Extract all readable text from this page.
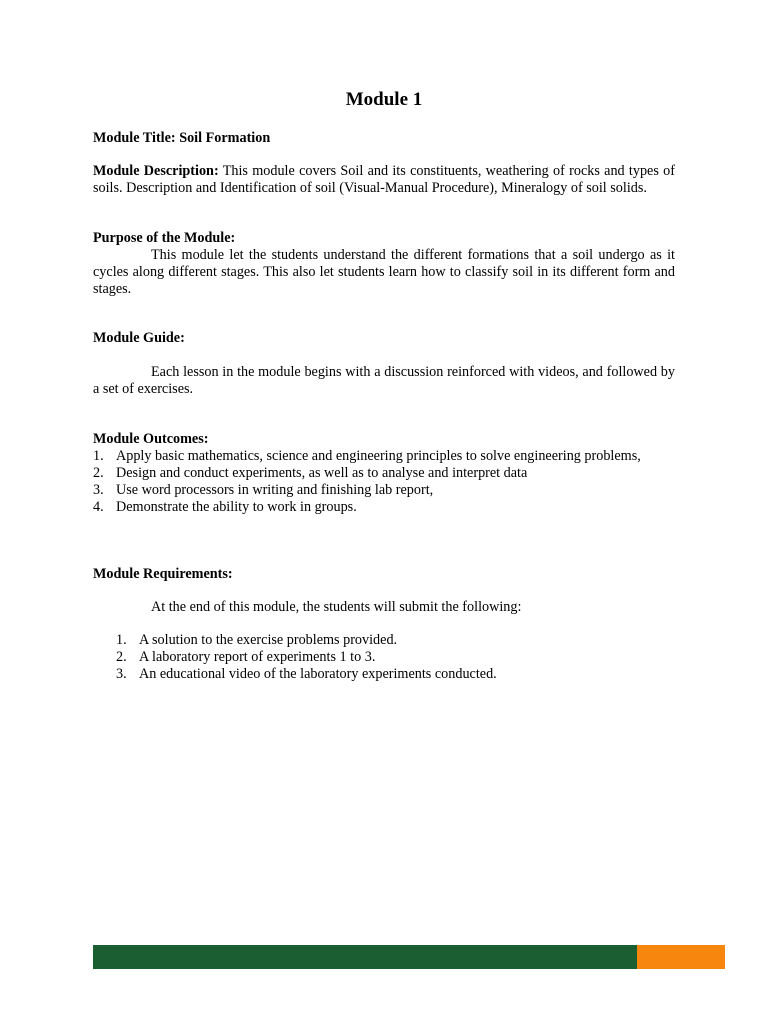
Module 1
Module Title: Soil Formation
Module Description: This module covers Soil and its constituents, weathering of rocks and types of soils. Description and Identification of soil (Visual-Manual Procedure), Mineralogy of soil solids.

Purpose of the Module:

This module let the students understand the different formations that a soil undergo as it cycles along different stages. This also let students learn how to classify soil in its different form and stages.

Module Guide:

Each lesson in the module begins with a discussion reinforced with videos, and followed by a set of exercises.

Module Outcomes:

1. Apply basic mathematics, science and engineering principles to solve engineering problems,
2. Design and conduct experiments, as well as to analyse and interpret data
3. Use word processors in writing and finishing lab report,
4. Demonstrate the ability to work in groups.

Module Requirements:

At the end of this module, the students will submit the following:
1. A solution to the exercise problems provided.
2. A laboratory report of experiments 1 to 3.
3. An educational video of the laboratory experiments conducted.
